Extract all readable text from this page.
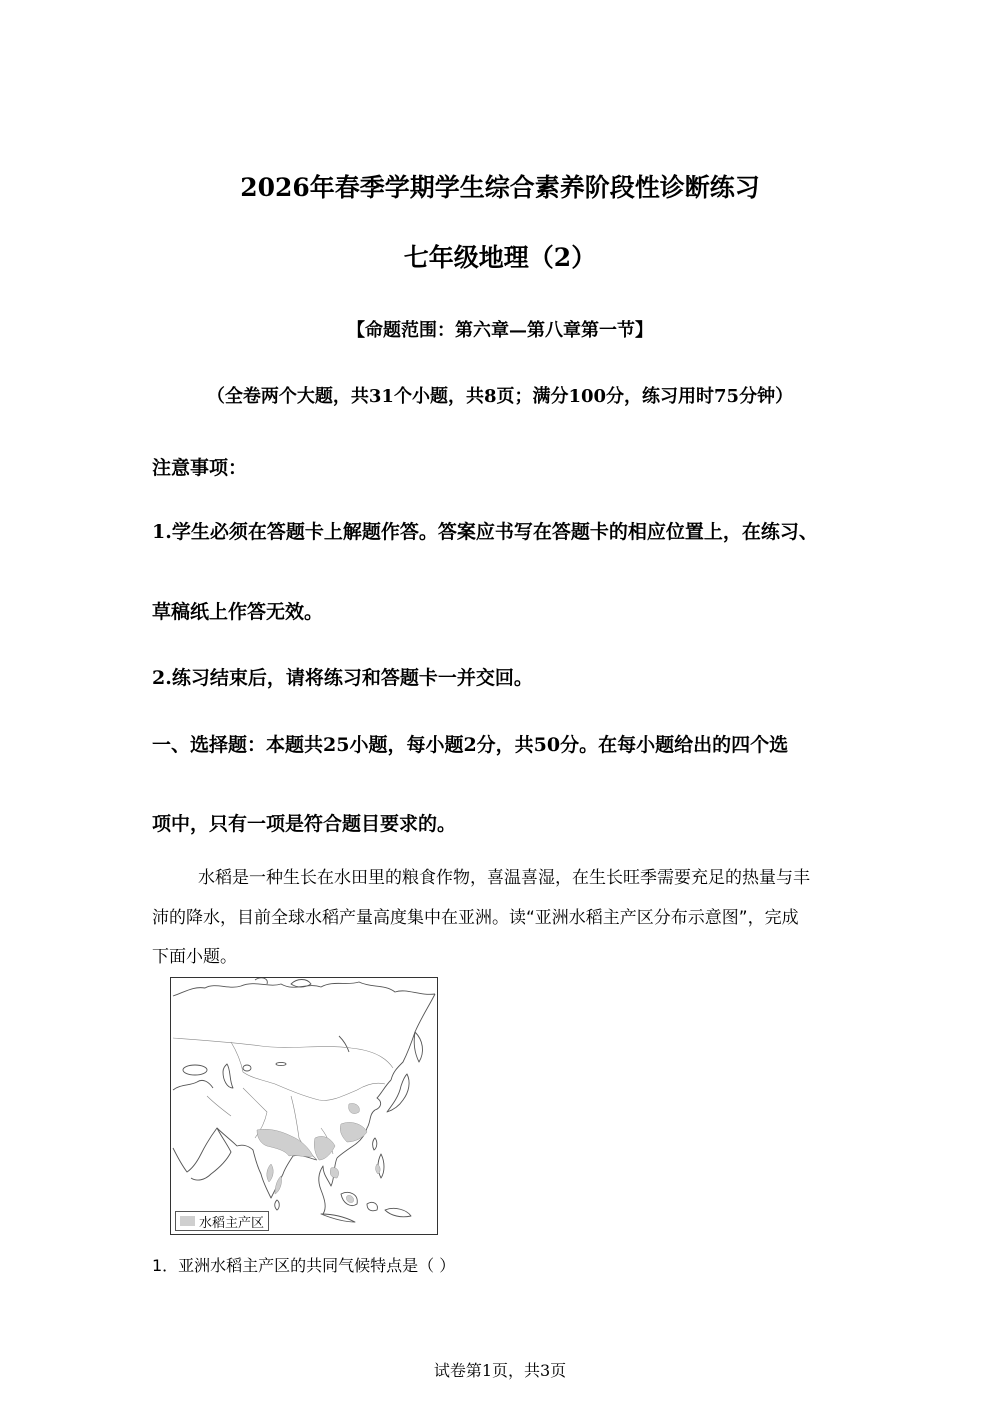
2026年春季学期学生综合素养阶段性诊断练习
七年级地理（2）
【命题范围：第六章—第八章第一节】
（全卷两个大题，共31个小题，共8页；满分100分，练习用时75分钟）
注意事项：
1.学生必须在答题卡上解题作答。答案应书写在答题卡的相应位置上，在练习、
草稿纸上作答无效。
2.练习结束后，请将练习和答题卡一并交回。
一、选择题：本题共25小题，每小题2分，共50分。在每小题给出的四个选
项中，只有一项是符合题目要求的。
水稻是一种生长在水田里的粮食作物，喜温喜湿，在生长旺季需要充足的热量与丰
沛的降水，目前全球水稻产量高度集中在亚洲。读“亚洲水稻主产区分布示意图”，完成
下面小题。
水稻主产区
1．亚洲水稻主产区的共同气候特点是（ ）
试卷第1页，共3页
